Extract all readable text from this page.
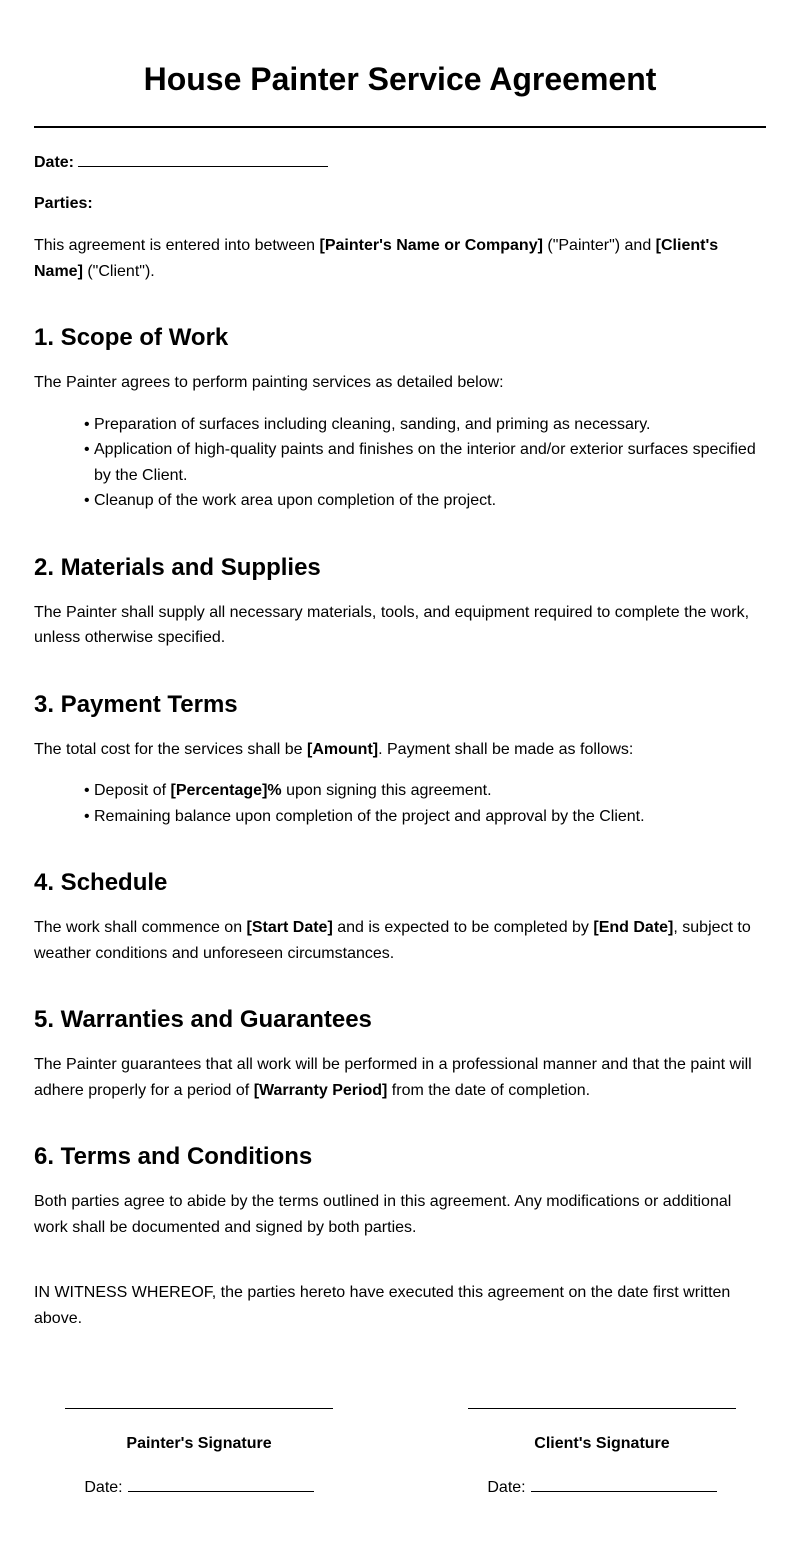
House Painter Service Agreement
Date:
Parties:

This agreement is entered into between [Painter's Name or Company] ("Painter") and [Client's Name] ("Client").

1. Scope of Work

The Painter agrees to perform painting services as detailed below:

• Preparation of surfaces including cleaning, sanding, and priming as necessary.
• Application of high-quality paints and finishes on the interior and/or exterior surfaces specified by the Client.
• Cleanup of the work area upon completion of the project.
2. Materials and Supplies

The Painter shall supply all necessary materials, tools, and equipment required to complete the work, unless otherwise specified.

3. Payment Terms

The total cost for the services shall be [Amount]. Payment shall be made as follows:

• Deposit of [Percentage]% upon signing this agreement.
• Remaining balance upon completion of the project and approval by the Client.
4. Schedule

The work shall commence on [Start Date] and is expected to be completed by [End Date], subject to weather conditions and unforeseen circumstances.

5. Warranties and Guarantees

The Painter guarantees that all work will be performed in a professional manner and that the paint will adhere properly for a period of [Warranty Period] from the date of completion.

6. Terms and Conditions

Both parties agree to abide by the terms outlined in this agreement. Any modifications or additional work shall be documented and signed by both parties.

IN WITNESS WHEREOF, the parties hereto have executed this agreement on the date first written above.

Painter's Signature
Date:
Client's Signature
Date:
